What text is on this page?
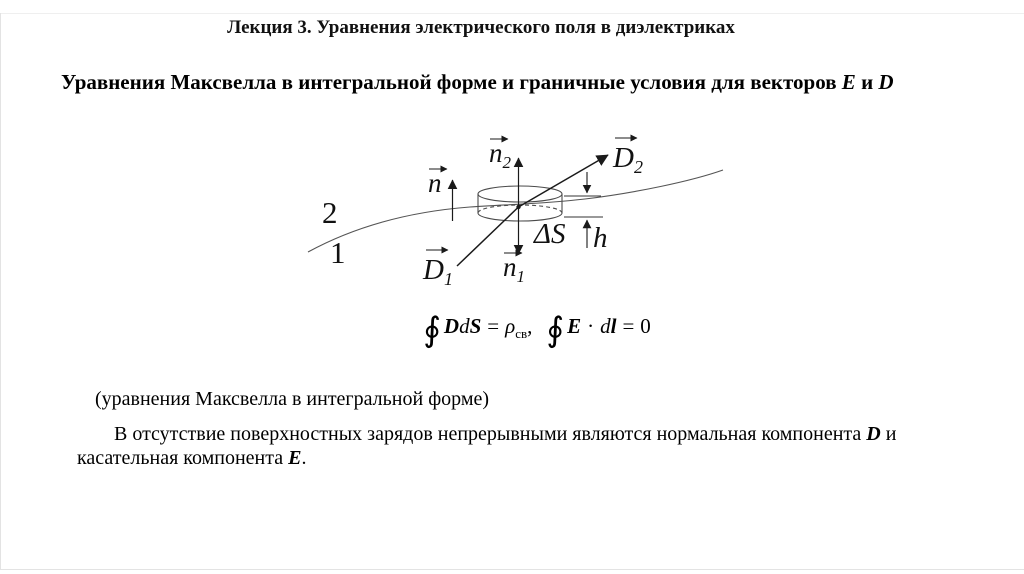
Лекция 3. Уравнения электрического поля в диэлектриках
Уравнения Максвелла в интегральной форме и граничные условия для векторов E и D
2
1
n
$n_2$
$n_1$
$D_1$
$D_2$
ΔS h
∮ DdS = $\rho_{св}$, ∮ E · dl = 0
(уравнения Максвелла в интегральной форме)
В отсутствие поверхностных зарядов непрерывными являются нормальная компонента D и
касательная компонента E.
